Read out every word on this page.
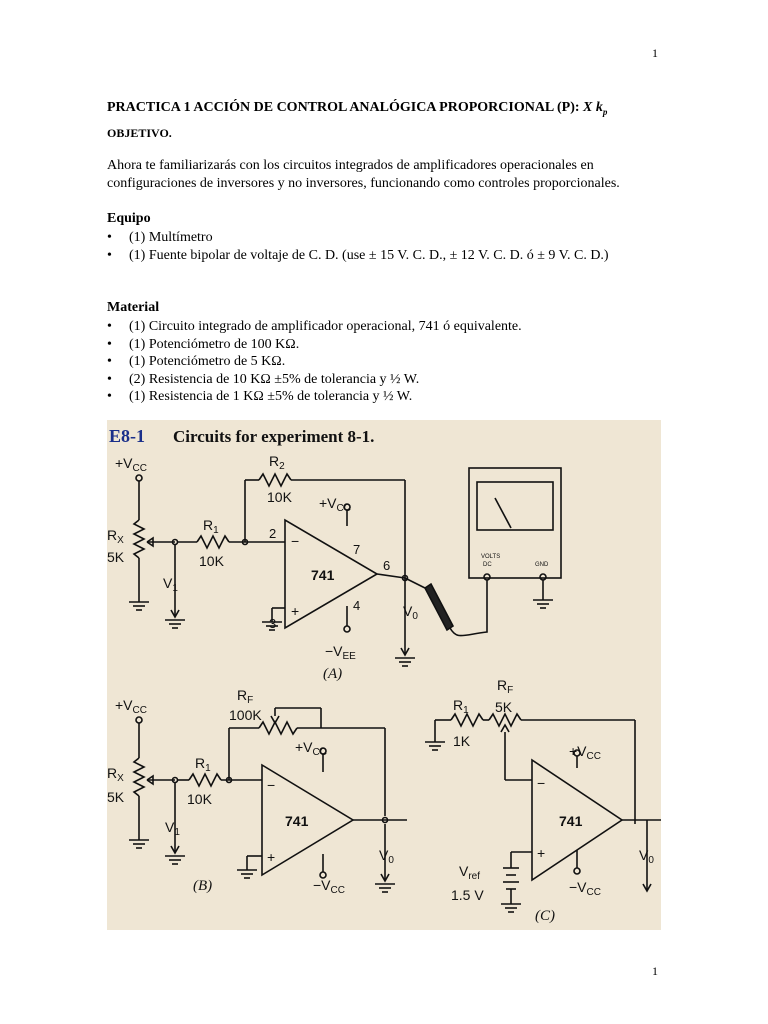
1
PRACTICA 1 ACCIÓN DE CONTROL ANALÓGICA PROPORCIONAL (P): X $k_p$
OBJETIVO.
Ahora te familiarizarás con los circuitos integrados de amplificadores operacionales en configuraciones de inversores y no inversores, funcionando como controles proporcionales.
Equipo
• (1) Multímetro
• (1) Fuente bipolar de voltaje de C. D. (use ± 15 V. C. D., ± 12 V. C. D. ó ± 9 V. C. D.)
Material
• (1) Circuito integrado de amplificador operacional, 741 ó equivalente.
• (1) Potenciómetro de 100 KΩ.
• (1) Potenciómetro de 5 KΩ.
• (2) Resistencia de 10 KΩ ±5% de tolerancia y ½ W.
• (1) Resistencia de 1 KΩ ±5% de tolerancia y ½ W.
E8-1 Circuits for experiment 8-1.
$+V_{CC}$	$R_2$
$10K +V_{CC}$
$R_X$
5K
$R_1$
10K
$V_1$
2
3
7
4
6
−
+
741
$-V_{EE}$
$V_0$
(A)
VOLTS
DC	GND
$+V_{CC}$
$R_F$
100K
$+V_{CC}$
$R_X$
5K
$R_1$
10K
$V_1$
−
+
741
$-V_{CC}$
$V_0$
(B)
$R_F$
5K
$R_1$
1K
$+V_{CC}$
−
+
741
$V_{ref}$
1.5 V	$-V_{CC}$
$V_0$
(C)
1
